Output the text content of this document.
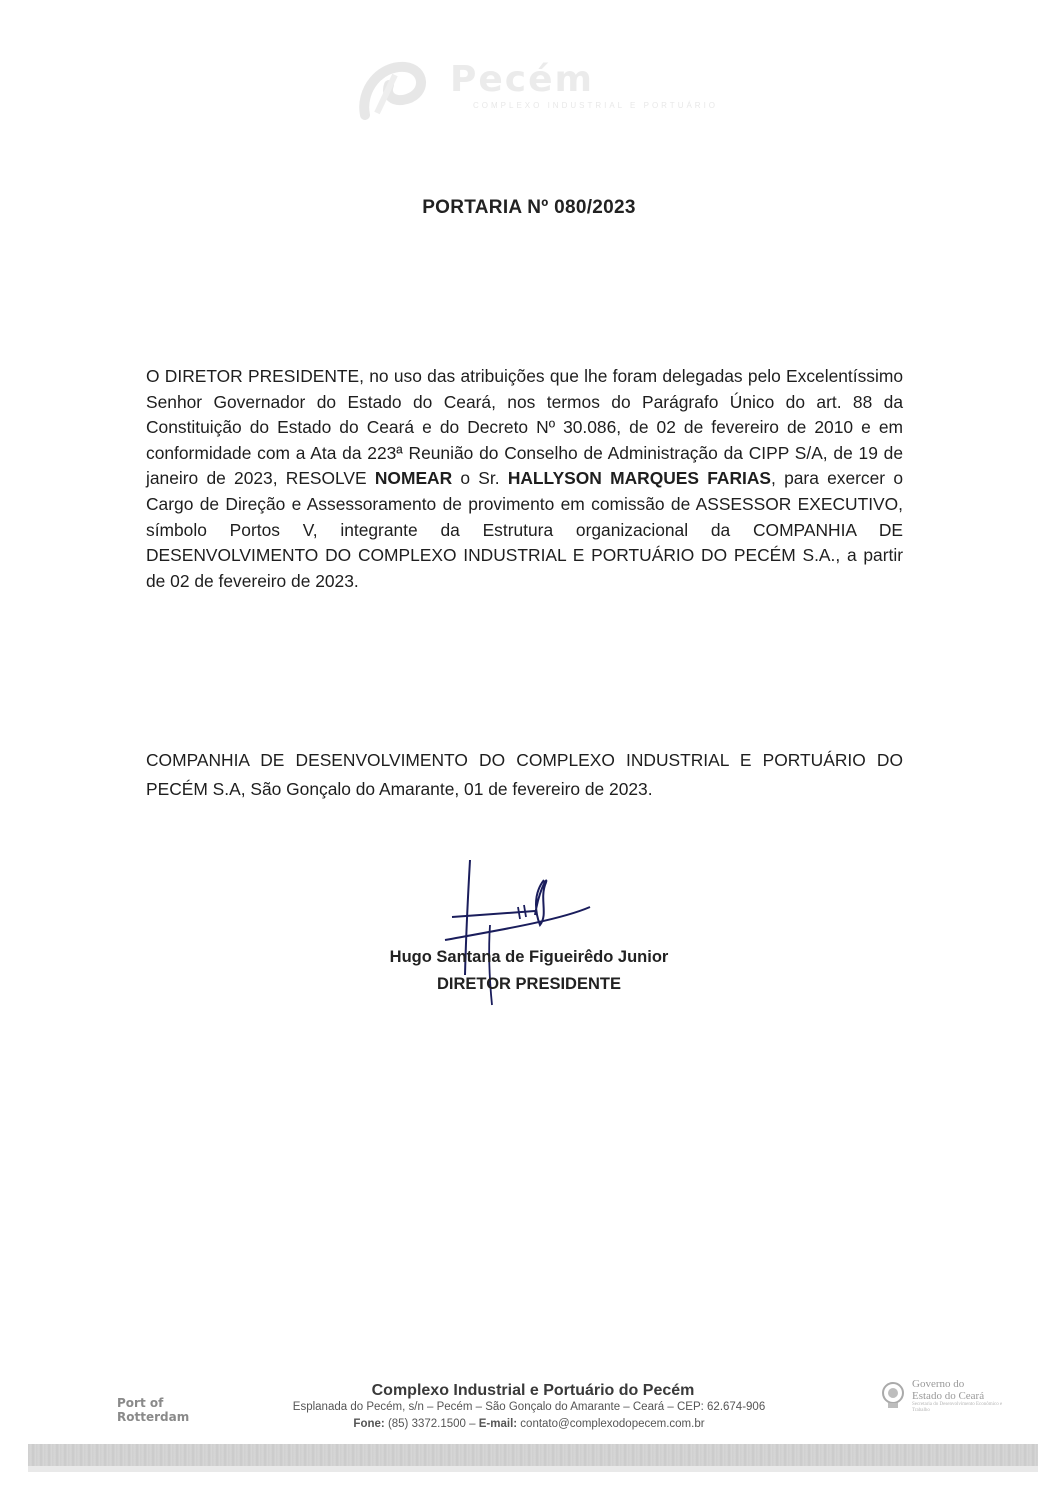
Pecém
COMPLEXO INDUSTRIAL E PORTUÁRIO
PORTARIA Nº 080/2023
O DIRETOR PRESIDENTE, no uso das atribuições que lhe foram delegadas pelo Excelentíssimo Senhor Governador do Estado do Ceará, nos termos do Parágrafo Único do art. 88 da Constituição do Estado do Ceará e do Decreto Nº 30.086, de 02 de fevereiro de 2010 e em conformidade com a Ata da 223ª Reunião do Conselho de Administração da CIPP S/A, de 19 de janeiro de 2023, RESOLVE NOMEAR o Sr. HALLYSON MARQUES FARIAS, para exercer o Cargo de Direção e Assessoramento de provimento em comissão de ASSESSOR EXECUTIVO, símbolo Portos V, integrante da Estrutura organizacional da COMPANHIA DE DESENVOLVIMENTO DO COMPLEXO INDUSTRIAL E PORTUÁRIO DO PECÉM S.A., a partir de 02 de fevereiro de 2023.
COMPANHIA DE DESENVOLVIMENTO DO COMPLEXO INDUSTRIAL E PORTUÁRIO DO PECÉM S.A, São Gonçalo do Amarante, 01 de fevereiro de 2023.
Hugo Santana de Figueirêdo Junior
DIRETOR PRESIDENTE
Port of
Rotterdam
Complexo Industrial e Portuário do Pecém
Esplanada do Pecém, s/n – Pecém – São Gonçalo do Amarante – Ceará – CEP: 62.674-906
Fone: (85) 3372.1500 – E-mail: contato@complexodopecem.com.br
Governo do
Estado do Ceará
Secretaria do Desenvolvimento Econômico e Trabalho
